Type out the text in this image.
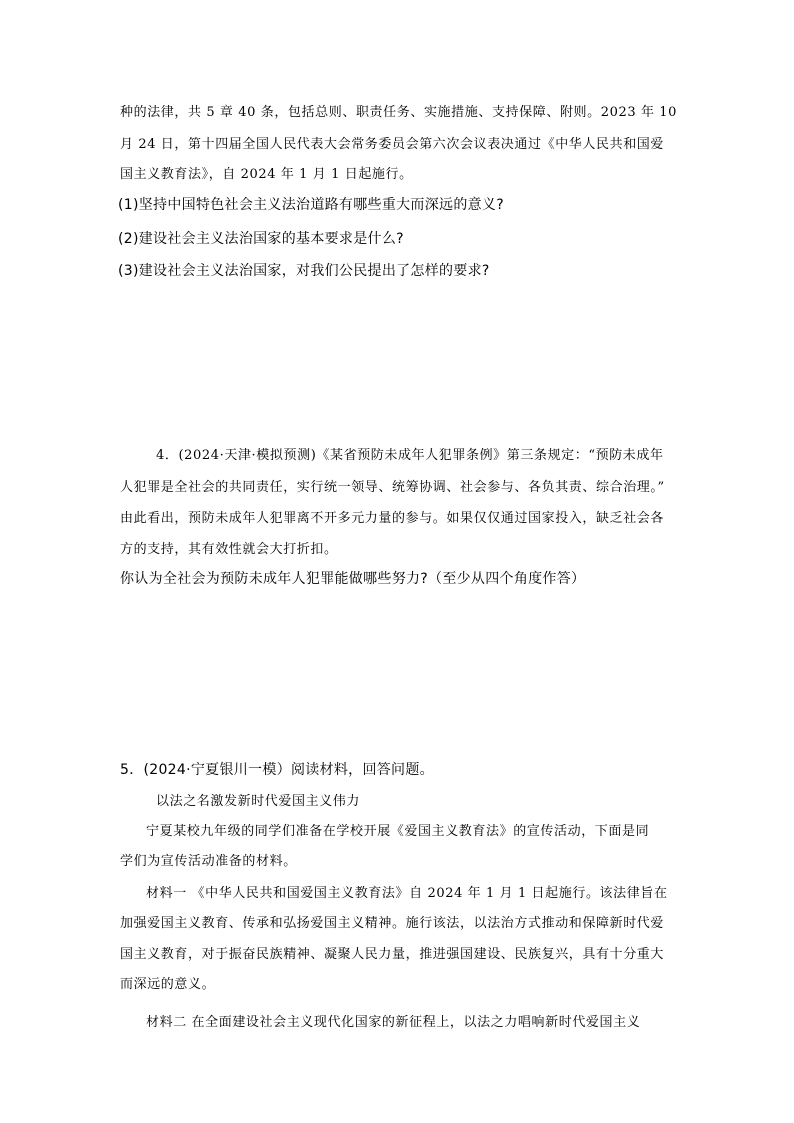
种的法律，共 5 章 40 条，包括总则、职责任务、实施措施、支持保障、附则。2023 年 10
月 24 日，第十四届全国人民代表大会常务委员会第六次会议表决通过《中华人民共和国爱
国主义教育法》，自 2024 年 1 月 1 日起施行。
(1)坚持中国特色社会主义法治道路有哪些重大而深远的意义?
(2)建设社会主义法治国家的基本要求是什么?
(3)建设社会主义法治国家，对我们公民提出了怎样的要求?
4．(2024·天津·模拟预测)《某省预防未成年人犯罪条例》第三条规定：“预防未成年
人犯罪是全社会的共同责任，实行统一领导、统筹协调、社会参与、各负其责、综合治理。”
由此看出，预防未成年人犯罪离不开多元力量的参与。如果仅仅通过国家投入，缺乏社会各
方的支持，其有效性就会大打折扣。
你认为全社会为预防未成年人犯罪能做哪些努力?（至少从四个角度作答）
5．(2024·宁夏银川一模）阅读材料，回答问题。
以法之名激发新时代爱国主义伟力
宁夏某校九年级的同学们准备在学校开展《爱国主义教育法》的宣传活动，下面是同
学们为宣传活动准备的材料。
材料一 《中华人民共和国爱国主义教育法》自 2024 年 1 月 1 日起施行。该法律旨在
加强爱国主义教育、传承和弘扬爱国主义精神。施行该法，以法治方式推动和保障新时代爱
国主义教育，对于振奋民族精神、凝聚人民力量，推进强国建设、民族复兴，具有十分重大
而深远的意义。
材料二 在全面建设社会主义现代化国家的新征程上，以法之力唱响新时代爱国主义
